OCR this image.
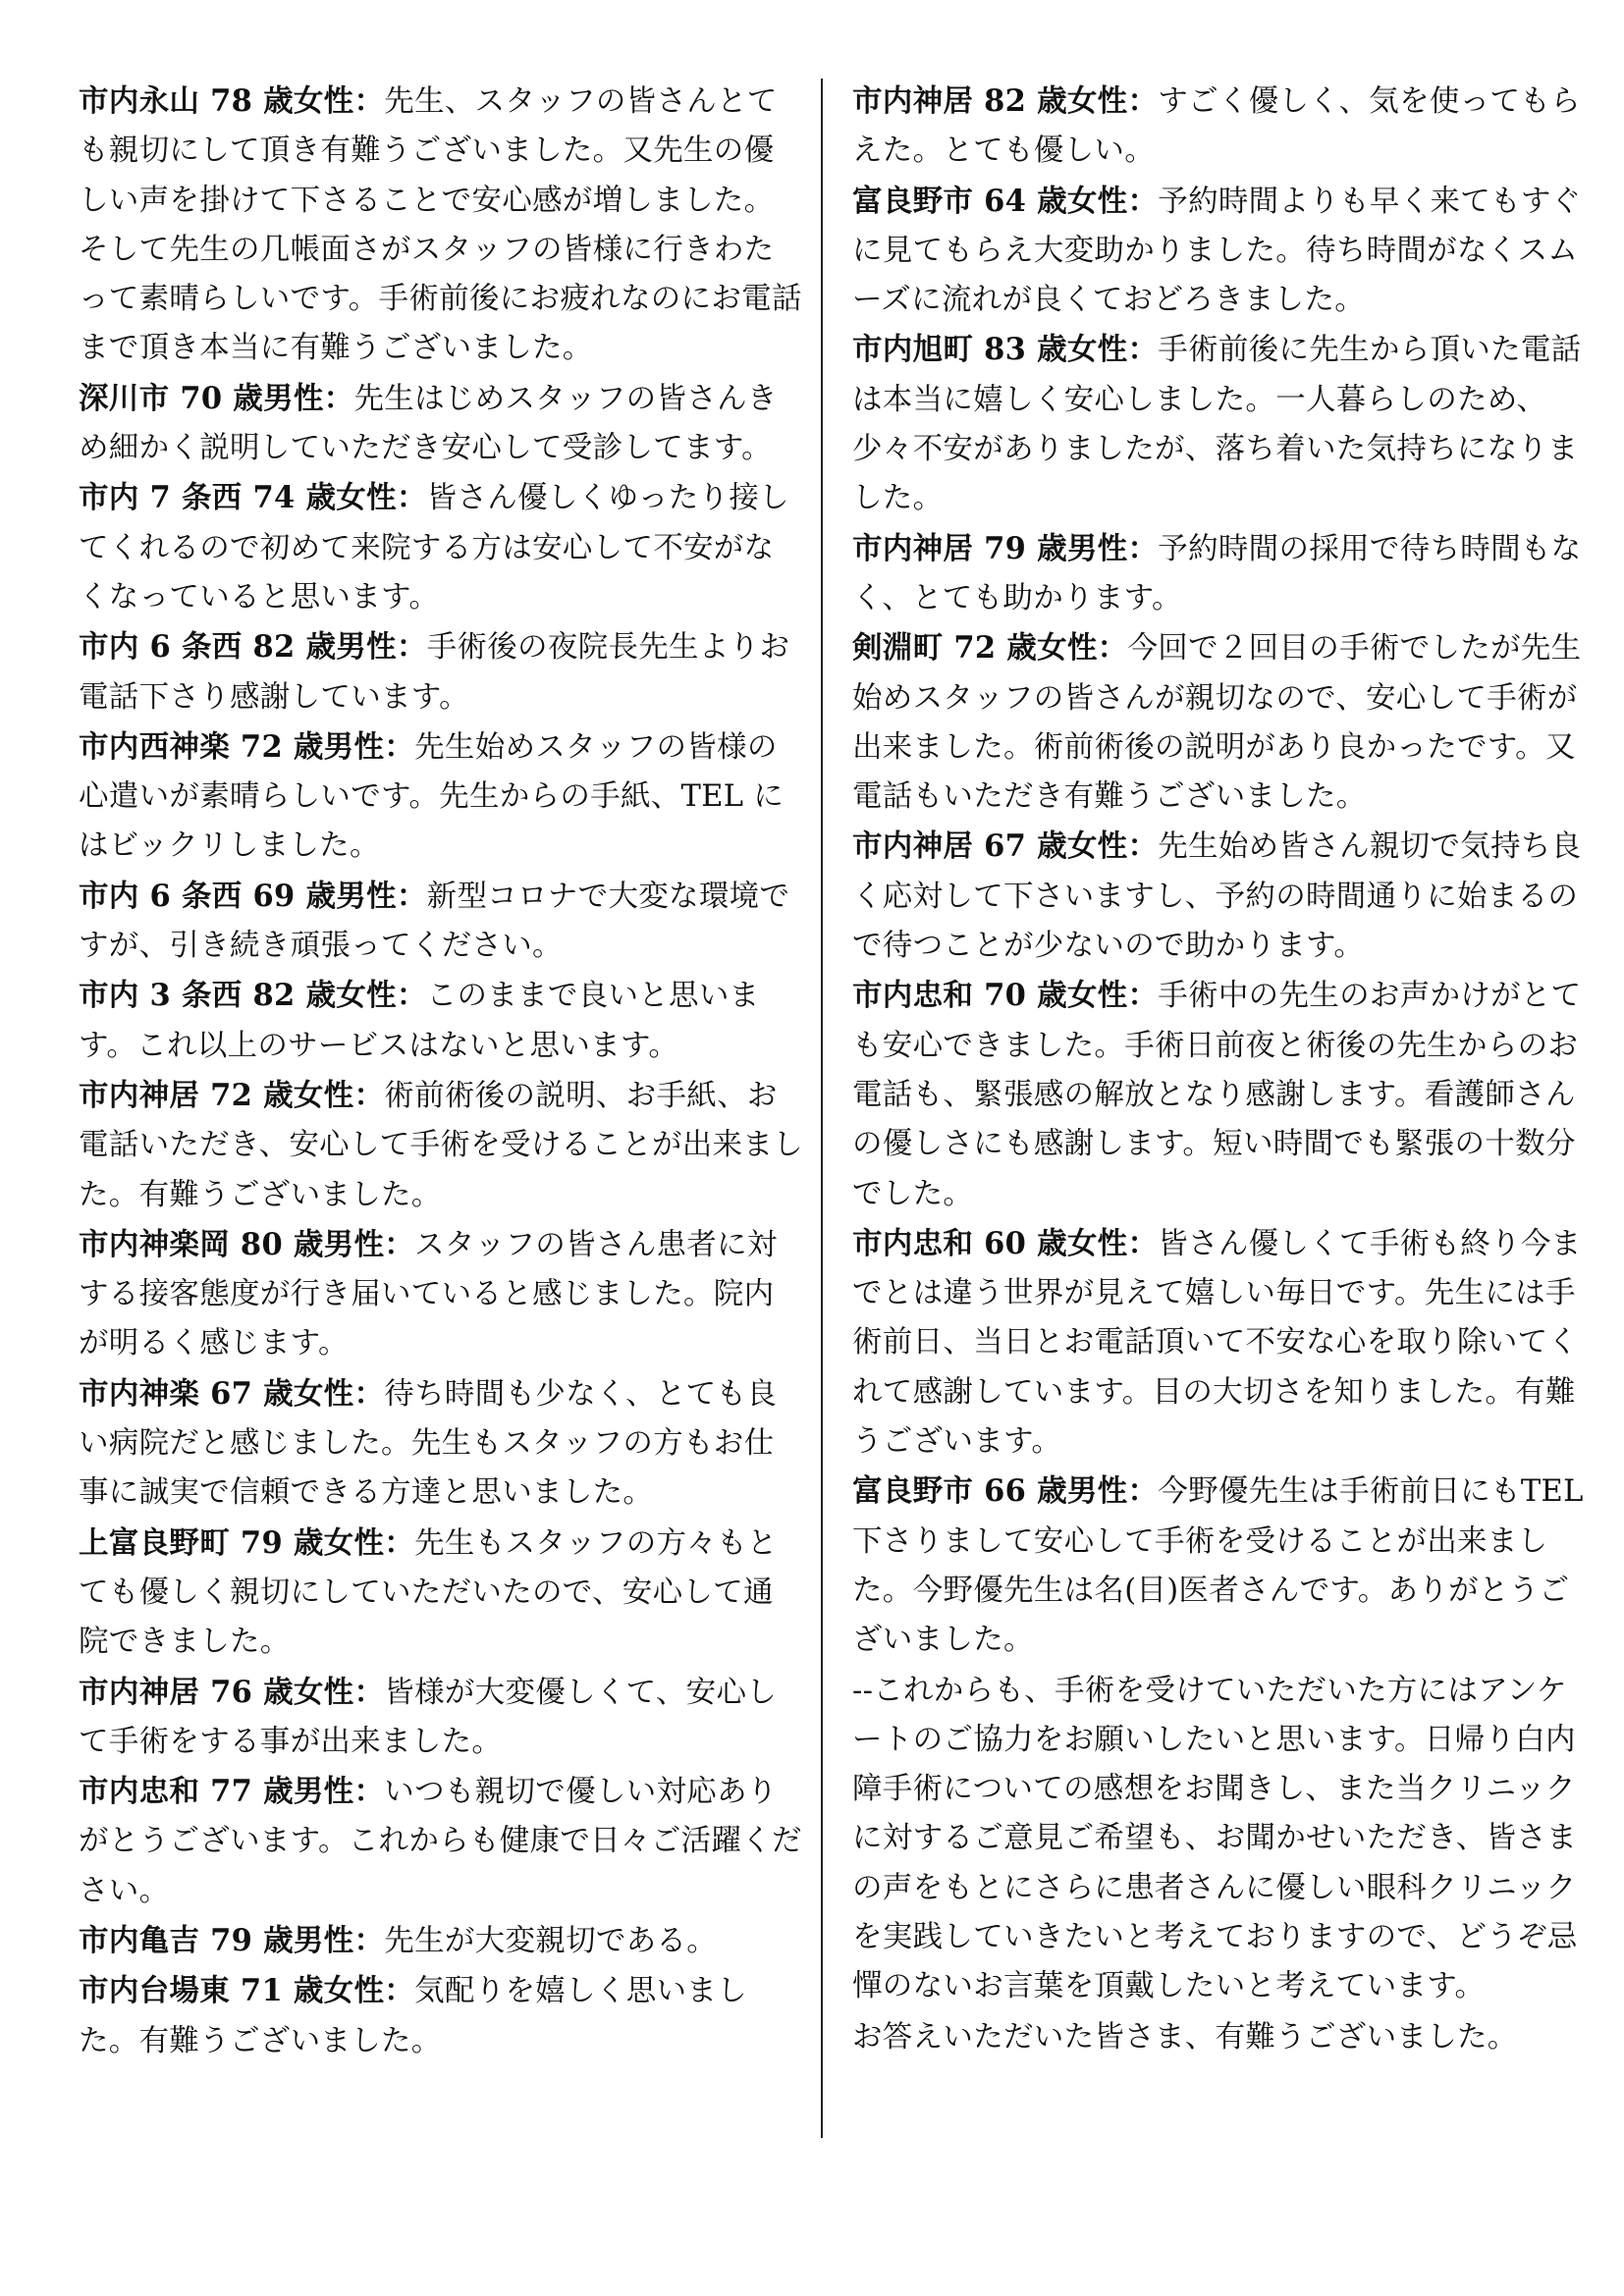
市内永山 78 歳女性：先生、スタッフの皆さんとても親切にして頂き有難うございました。又先生の優しい声を掛けて下さることで安心感が増しました。そして先生の几帳面さがスタッフの皆様に行きわたって素晴らしいです。手術前後にお疲れなのにお電話まで頂き本当に有難うございました。

深川市 70 歳男性：先生はじめスタッフの皆さんきめ細かく説明していただき安心して受診してます。

市内 7 条西 74 歳女性：皆さん優しくゆったり接してくれるので初めて来院する方は安心して不安がなくなっていると思います。

市内 6 条西 82 歳男性：手術後の夜院長先生よりお電話下さり感謝しています。

市内西神楽 72 歳男性：先生始めスタッフの皆様の心遣いが素晴らしいです。先生からの手紙、TEL にはビックリしました。

市内 6 条西 69 歳男性：新型コロナで大変な環境ですが、引き続き頑張ってください。

市内 3 条西 82 歳女性：このままで良いと思います。これ以上のサービスはないと思います。

市内神居 72 歳女性：術前術後の説明、お手紙、お電話いただき、安心して手術を受けることが出来ました。有難うございました。

市内神楽岡 80 歳男性：スタッフの皆さん患者に対する接客態度が行き届いていると感じました。院内が明るく感じます。

市内神楽 67 歳女性：待ち時間も少なく、とても良い病院だと感じました。先生もスタッフの方もお仕事に誠実で信頼できる方達と思いました。

上富良野町 79 歳女性：先生もスタッフの方々もとても優しく親切にしていただいたので、安心して通院できました。

市内神居 76 歳女性：皆様が大変優しくて、安心して手術をする事が出来ました。

市内忠和 77 歳男性：いつも親切で優しい対応ありがとうございます。これからも健康で日々ご活躍ください。

市内亀吉 79 歳男性：先生が大変親切である。

市内台場東 71 歳女性：気配りを嬉しく思いました。有難うございました。

市内神居 82 歳女性：すごく優しく、気を使ってもらえた。とても優しい。

富良野市 64 歳女性：予約時間よりも早く来てもすぐに見てもらえ大変助かりました。待ち時間がなくスムーズに流れが良くておどろきました。

市内旭町 83 歳女性：手術前後に先生から頂いた電話は本当に嬉しく安心しました。一人暮らしのため、少々不安がありましたが、落ち着いた気持ちになりました。

市内神居 79 歳男性：予約時間の採用で待ち時間もなく、とても助かります。

剣淵町 72 歳女性：今回で２回目の手術でしたが先生始めスタッフの皆さんが親切なので、安心して手術が出来ました。術前術後の説明があり良かったです。又電話もいただき有難うございました。

市内神居 67 歳女性：先生始め皆さん親切で気持ち良く応対して下さいますし、予約の時間通りに始まるので待つことが少ないので助かります。

市内忠和 70 歳女性：手術中の先生のお声かけがとても安心できました。手術日前夜と術後の先生からのお電話も、緊張感の解放となり感謝します。看護師さんの優しさにも感謝します。短い時間でも緊張の十数分でした。

市内忠和 60 歳女性：皆さん優しくて手術も終り今までとは違う世界が見えて嬉しい毎日です。先生には手術前日、当日とお電話頂いて不安な心を取り除いてくれて感謝しています。目の大切さを知りました。有難うございます。

富良野市 66 歳男性：今野優先生は手術前日にもTEL 下さりまして安心して手術を受けることが出来ました。今野優先生は名(目)医者さんです。ありがとうございました。

--これからも、手術を受けていただいた方にはアンケートのご協力をお願いしたいと思います。日帰り白内障手術についての感想をお聞きし、また当クリニックに対するご意見ご希望も、お聞かせいただき、皆さまの声をもとにさらに患者さんに優しい眼科クリニックを実践していきたいと考えておりますので、どうぞ忌憚のないお言葉を頂戴したいと考えています。

お答えいただいた皆さま、有難うございました。
